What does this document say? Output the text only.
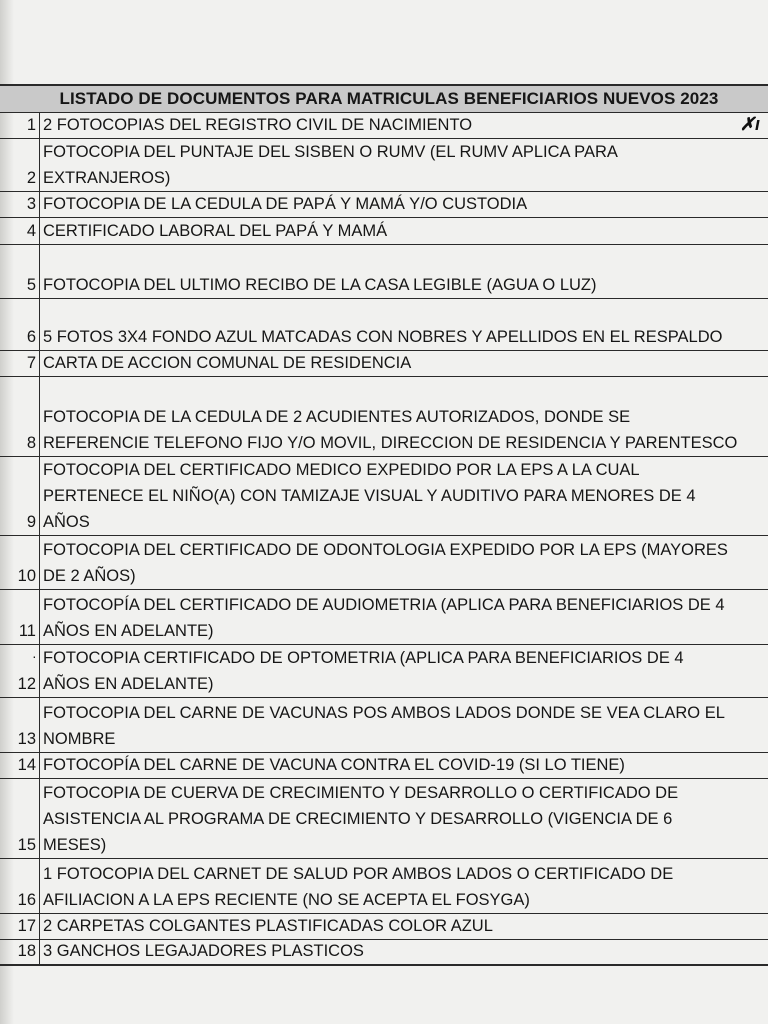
LISTADO DE DOCUMENTOS PARA MATRICULAS BENEFICIARIOS NUEVOS 2023
1 2 FOTOCOPIAS DEL REGISTRO CIVIL DE NACIMIENTO	✗ı
2
FOTOCOPIA DEL PUNTAJE DEL SISBEN O RUMV (EL RUMV APLICA PARA
EXTRANJEROS)
3 FOTOCOPIA DE LA CEDULA DE PAPÁ Y MAMÁ Y/O CUSTODIA
4 CERTIFICADO LABORAL DEL PAPÁ Y MAMÁ
5 FOTOCOPIA DEL ULTIMO RECIBO DE LA CASA LEGIBLE (AGUA O LUZ)
6 5 FOTOS 3X4 FONDO AZUL MATCADAS CON NOBRES Y APELLIDOS EN EL RESPALDO
7 CARTA DE ACCION COMUNAL DE RESIDENCIA
8
FOTOCOPIA DE LA CEDULA DE 2 ACUDIENTES AUTORIZADOS, DONDE SE
REFERENCIE TELEFONO FIJO Y/O MOVIL, DIRECCION DE RESIDENCIA Y PARENTESCO
9
FOTOCOPIA DEL CERTIFICADO MEDICO EXPEDIDO POR LA EPS A LA CUAL
PERTENECE EL NIÑO(A) CON TAMIZAJE VISUAL Y AUDITIVO PARA MENORES DE 4
AÑOS
10
FOTOCOPIA DEL CERTIFICADO DE ODONTOLOGIA EXPEDIDO POR LA EPS (MAYORES
DE 2 AÑOS)
11
FOTOCOPÍA DEL CERTIFICADO DE AUDIOMETRIA (APLICA PARA BENEFICIARIOS DE 4
AÑOS EN ADELANTE)
12
· FOTOCOPIA CERTIFICADO DE OPTOMETRIA (APLICA PARA BENEFICIARIOS DE 4
AÑOS EN ADELANTE)
13
FOTOCOPIA DEL CARNE DE VACUNAS POS AMBOS LADOS DONDE SE VEA CLARO EL
NOMBRE
14 FOTOCOPÍA DEL CARNE DE VACUNA CONTRA EL COVID-19 (SI LO TIENE)
15
FOTOCOPIA DE CUERVA DE CRECIMIENTO Y DESARROLLO O CERTIFICADO DE
ASISTENCIA AL PROGRAMA DE CRECIMIENTO Y DESARROLLO (VIGENCIA DE 6
MESES)
16
1 FOTOCOPIA DEL CARNET DE SALUD POR AMBOS LADOS O CERTIFICADO DE
AFILIACION A LA EPS RECIENTE (NO SE ACEPTA EL FOSYGA)
17 2 CARPETAS COLGANTES PLASTIFICADAS COLOR AZUL
18 3 GANCHOS LEGAJADORES PLASTICOS
